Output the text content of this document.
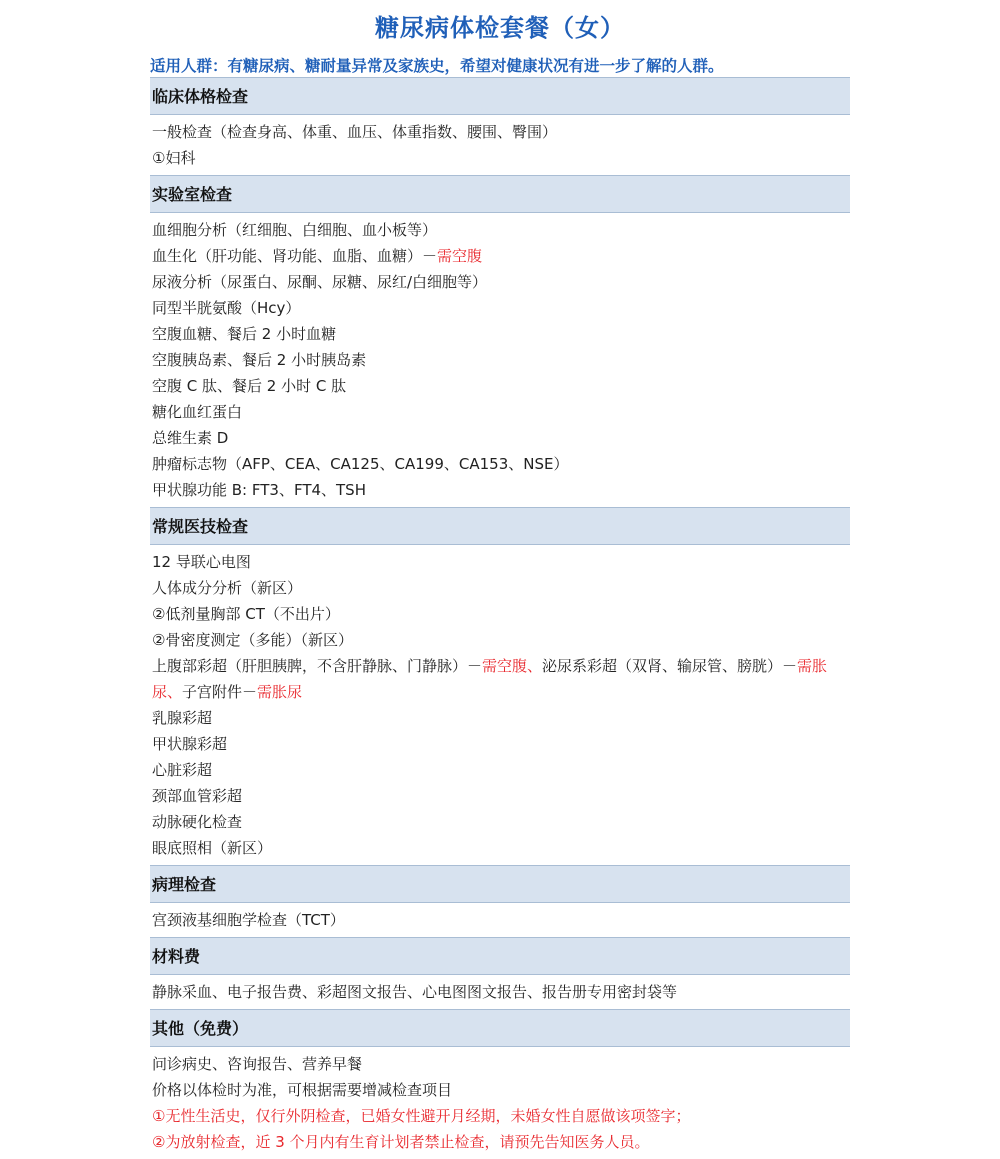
糖尿病体检套餐（女）
适用人群：有糖尿病、糖耐量异常及家族史，希望对健康状况有进一步了解的人群。
临床体格检查
一般检查（检查身高、体重、血压、体重指数、腰围、臀围）
①妇科
实验室检查
血细胞分析（红细胞、白细胞、血小板等）
血生化（肝功能、肾功能、血脂、血糖）－需空腹
尿液分析（尿蛋白、尿酮、尿糖、尿红/白细胞等）
同型半胱氨酸（Hcy）
空腹血糖、餐后 2 小时血糖
空腹胰岛素、餐后 2 小时胰岛素
空腹 C 肽、餐后 2 小时 C 肽
糖化血红蛋白
总维生素 D
肿瘤标志物（AFP、CEA、CA125、CA199、CA153、NSE）
甲状腺功能 B: FT3、FT4、TSH
常规医技检查
12 导联心电图
人体成分分析（新区）
②低剂量胸部 CT（不出片）
②骨密度测定（多能）（新区）
上腹部彩超（肝胆胰脾，不含肝静脉、门静脉）－需空腹、泌尿系彩超（双肾、输尿管、膀胱）－需胀尿、子宫附件－需胀尿
乳腺彩超
甲状腺彩超
心脏彩超
颈部血管彩超
动脉硬化检查
眼底照相（新区）
病理检查
宫颈液基细胞学检查（TCT）
材料费
静脉采血、电子报告费、彩超图文报告、心电图图文报告、报告册专用密封袋等
其他（免费）
问诊病史、咨询报告、营养早餐
价格以体检时为准，可根据需要增减检查项目
①无性生活史，仅行外阴检查，已婚女性避开月经期，未婚女性自愿做该项签字；
②为放射检查，近 3 个月内有生育计划者禁止检查，请预先告知医务人员。
